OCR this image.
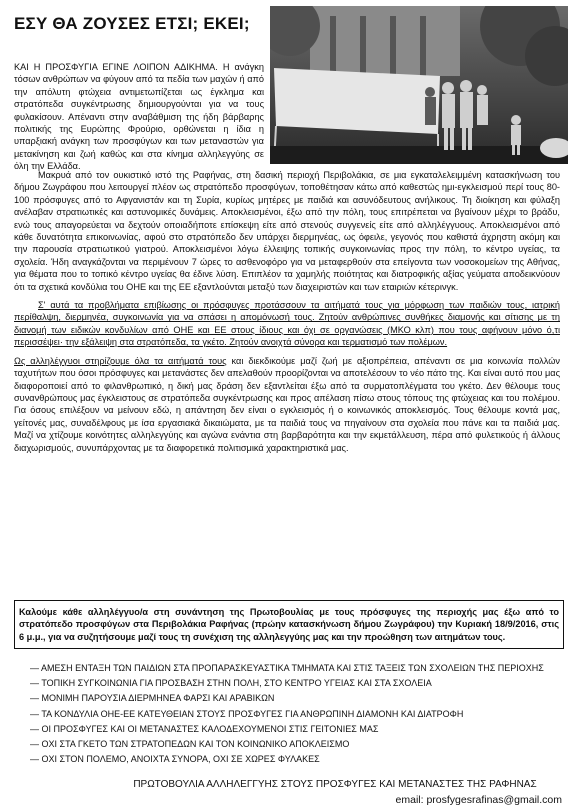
ΕΣΥ ΘΑ ΖΟΥΣΕΣ ΕΤΣΙ; ΕΚΕΙ;

ΚΑΙ Η ΠΡΟΣΦΥΓΙΑ ΕΓΙΝΕ ΛΟΙΠΟΝ ΑΔΙΚΗΜΑ. Η ανάγκη τόσων ανθρώπων να φύγουν από τα πεδία των μαχών ή από την απόλυτη φτώχεια αντιμετωπίζεται ως έγκλημα και στρατόπεδα συγκέντρωσης δημιουργούνται για να τους φυλακίσουν. Απέναντι στην αναβάθμιση της ήδη βάρβαρης πολιτικής της Ευρώπης Φρούριο, ορθώνεται η ίδια η υπαρξιακή ανάγκη των προσφύγων και των μεταναστών για μετακίνηση και ζωή καθώς και στα κίνημα αλληλεγγύης σε όλη την Ελλάδα.

Μακρυά από τον ουκιστικό ιστό της Ραφήνας, στη δασική περιοχή Περιβολάκια, σε μια εγκαταλελειμμένη κατασκήνωση του δήμου Ζωγράφου που λειτουργεί πλέον ως στρατόπεδο προσφύγων, τοποθέτησαν κάτω από καθεστώς ημι-εγκλεισμού περί τους 80-100 πρόσφυγες από το Αφγανιστάν και τη Συρία, κυρίως μητέρες με παιδιά και ασυνόδευτους ανήλικους. Τη διοίκηση και φύλαξη ανέλαβαν στρατιωτικές και αστυνομικές δυνάμεις. Αποκλεισμένοι, έξω από την πόλη, τους επιτρέπεται να βγαίνουν μέχρι το βράδυ, ενώ τους απαγορεύεται να δεχτούν οποιαδήποτε επίσκεψη είτε από στενούς συγγενείς είτε από αλληλέγγυους. Αποκλεισμένοι από κάθε δυνατότητα επικοινωνίας, αφού στο στρατόπεδο δεν υπάρχει διερμηνέας, ως όφειλε, γεγονός που καθιστά άχρηστη ακόμη και την παρουσία στρατιωτικού γιατρού. Αποκλεισμένοι λόγω έλλειψης τοπικής συγκοινωνίας προς την πόλη, το κέντρο υγείας, τα σχολεία. Ήδη αναγκάζονται να περιμένουν 7 ώρες το ασθενοφόρο για να μεταφερθούν στα επείγοντα των νοσοκομείων της Αθήνας, για θέματα που το τοπικό κέντρο υγείας θα έδινε λύση. Επιπλέον τα χαμηλής ποιότητας και διατροφικής αξίας γεύματα αποδεικνύουν ότι τα σχετικά κονδύλια του ΟΗΕ και της ΕΕ εξαντλούνται μεταξύ των διαχειριστών και των εταιριών κέτερινγκ.

Σ' αυτά τα προβλήματα επιβίωσης οι πρόσφυγες προτάσσουν τα αιτήματά τους για μόρφωση των παιδιών τους, ιατρική περίθαλψη, διερμηνέα, συγκοινωνία για να σπάσει η απομόνωσή τους. Ζητούν ανθρώπινες συνθήκες διαμονής και σίτισης με τη διανομή των ειδικών κονδυλίων από ΟΗΕ και ΕΕ στους ίδιους και όχι σε οργανώσεις (ΜΚΟ κλπ) που τους αφήνουν μόνο ό,τι περισσέψει· την εξάλειψη στα στρατόπεδα, τα γκέτο. Ζητούν ανοιχτά σύνορα και τερματισμό των πολέμων.

Ως αλληλέγγυοι στηρίζουμε όλα τα αιτήματά τους και διεκδικούμε μαζί ζωή με αξιοπρέπεια, απέναντι σε μια κοινωνία πολλών ταχυτήτων που όσοι πρόσφυγες και μετανάστες δεν απελαθούν προορίζονται να αποτελέσουν το νέο πάτο της. Και είναι αυτό που μας διαφοροποιεί από το φιλανθρωπικό, η δική μας δράση δεν εξαντλείται έξω από τα συρματοπλέγματα του γκέτο. Δεν θέλουμε τους συνανθρώπους μας έγκλειστους σε στρατόπεδα συγκέντρωσης και προς απέλαση πίσω στους τόπους της φτώχειας και του πολέμου. Για όσους επιλέξουν να μείνουν εδώ, η απάντηση δεν είναι ο εγκλεισμός ή ο κοινωνικός αποκλεισμός. Τους θέλουμε κοντά μας, γείτονές μας, συναδέλφους με ίσα εργασιακά δικαιώματα, με τα παιδιά τους να πηγαίνουν στα σχολεία που πάνε και τα παιδιά μας. Μαζί να χτίζουμε κοινότητες αλληλεγγύης και αγώνα ενάντια στη βαρβαρότητα και την εκμετάλλευση, πέρα από φυλετικούς ή άλλους διαχωρισμούς, συνυπάρχοντας με τα διαφορετικά πολιτισμικά χαρακτηριστικά μας.

Καλούμε κάθε αλληλέγγυο/α στη συνάντηση της Πρωτοβουλίας με τους πρόσφυγες της περιοχής μας έξω από το στρατόπεδο προσφύγων στα Περιβολάκια Ραφήνας (πρώην κατασκήνωση δήμου Ζωγράφου) την Κυριακή 18/9/2016, στις 6 μ.μ., για να συζητήσουμε μαζί τους τη συνέχιση της αλληλεγγύης μας και την προώθηση των αιτημάτων τους.
— ΑΜΕΣΗ ΕΝΤΑΞΗ ΤΩΝ ΠΑΙΔΙΩΝ ΣΤΑ ΠΡΟΠΑΡΑΣΚΕΥΑΣΤΙΚΑ ΤΜΗΜΑΤΑ ΚΑΙ ΣΤΙΣ ΤΑΞΕΙΣ ΤΩΝ ΣΧΟΛΕΙΩΝ ΤΗΣ ΠΕΡΙΟΧΗΣ
— ΤΟΠΙΚΗ ΣΥΓΚΟΙΝΩΝΙΑ ΓΙΑ ΠΡΟΣΒΑΣΗ ΣΤΗΝ ΠΟΛΗ, ΣΤΟ ΚΕΝΤΡΟ ΥΓΕΙΑΣ ΚΑΙ ΣΤΑ ΣΧΟΛΕΙΑ
— ΜΟΝΙΜΗ ΠΑΡΟΥΣΙΑ ΔΙΕΡΜΗΝΕΑ ΦΑΡΣΙ ΚΑΙ ΑΡΑΒΙΚΩΝ
— ΤΑ ΚΟΝΔΥΛΙΑ ΟΗΕ-ΕΕ ΚΑΤΕΥΘΕΙΑΝ ΣΤΟΥΣ ΠΡΟΣΦΥΓΕΣ ΓΙΑ ΑΝΘΡΩΠΙΝΗ ΔΙΑΜΟΝΗ ΚΑΙ ΔΙΑΤΡΟΦΗ
— ΟΙ ΠΡΟΣΦΥΓΕΣ ΚΑΙ ΟΙ ΜΕΤΑΝΑΣΤΕΣ ΚΑΛΟΔΕΧΟΥΜΕΝΟΙ ΣΤΙΣ ΓΕΙΤΟΝΙΕΣ ΜΑΣ
— ΟΧΙ ΣΤΑ ΓΚΕΤΟ ΤΩΝ ΣΤΡΑΤΟΠΕΔΩΝ ΚΑΙ ΤΟΝ ΚΟΙΝΩΝΙΚΟ ΑΠΟΚΛΕΙΣΜΟ
— ΟΧΙ ΣΤΟΝ ΠΟΛΕΜΟ, ΑΝΟΙΧΤΑ ΣΥΝΟΡΑ, ΟΧΙ ΣΕ ΧΩΡΕΣ ΦΥΛΑΚΕΣ
ΠΡΩΤΟΒΟΥΛΙΑ ΑΛΛΗΛΕΓΓΥΗΣ ΣΤΟΥΣ ΠΡΟΣΦΥΓΕΣ ΚΑΙ ΜΕΤΑΝΑΣΤΕΣ ΤΗΣ ΡΑΦΗΝΑΣ
email: prosfygesrafinas@gmail.com
